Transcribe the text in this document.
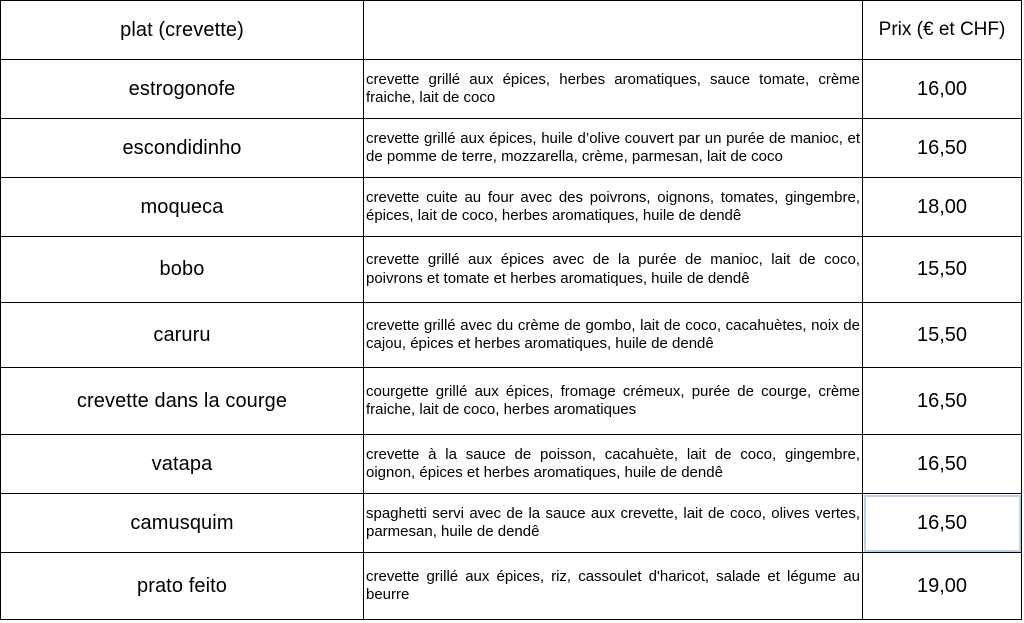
plat (crevette)		Prix (€ et CHF)
estrogonofe	crevette grillé aux épices, herbes aromatiques, sauce tomate, crème fraiche, lait de coco	16,00
escondidinho	crevette grillé aux épices, huile d’olive couvert par un purée de manioc, et de pomme de terre, mozzarella, crème, parmesan, lait de coco	16,50
moqueca	crevette cuite au four avec des poivrons, oignons, tomates, gingembre, épices, lait de coco, herbes aromatiques, huile de dendê	18,00
bobo	crevette grillé aux épices avec de la purée de manioc, lait de coco, poivrons et tomate et herbes aromatiques, huile de dendê	15,50
caruru	crevette grillé avec du crème de gombo, lait de coco, cacahuètes, noix de cajou, épices et herbes aromatiques, huile de dendê	15,50
crevette dans la courge	courgette grillé aux épices, fromage crémeux, purée de courge, crème fraiche, lait de coco, herbes aromatiques	16,50
vatapa	crevette à la sauce de poisson, cacahuète, lait de coco, gingembre, oignon, épices et herbes aromatiques, huile de dendê	16,50
camusquim	spaghetti servi avec de la sauce aux crevette, lait de coco, olives vertes, parmesan, huile de dendê	16,50
prato feito	crevette grillé aux épices, riz, cassoulet d'haricot, salade et légume au beurre	19,00
